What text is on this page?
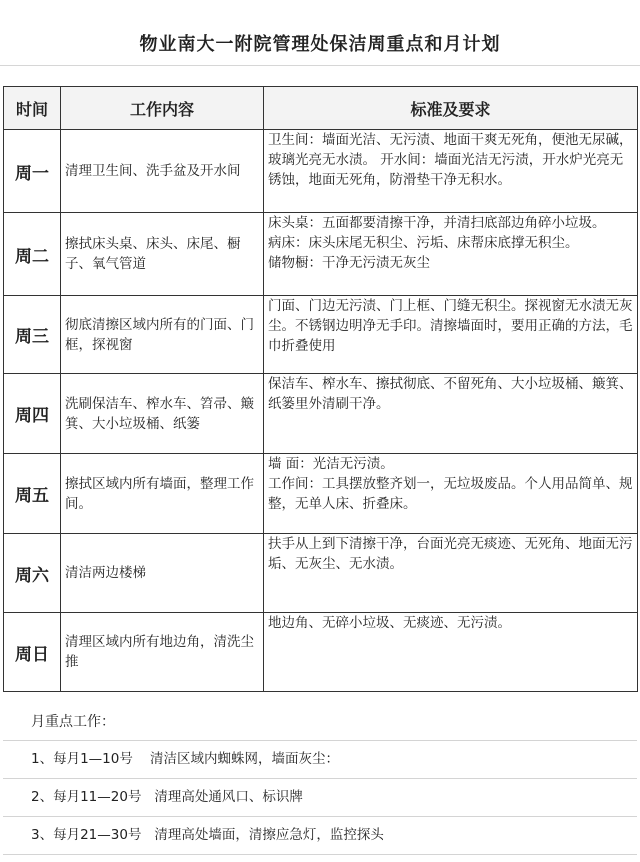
物业南大一附院管理处保洁周重点和月计划
时间	工作内容	标准及要求
周一	清理卫生间、洗手盆及开水间	卫生间：墙面光洁、无污渍、地面干爽无死角，便池无尿碱，玻璃光亮无水渍。 开水间：墙面光洁无污渍，开水炉光亮无锈蚀，地面无死角，防滑垫干净无积水。

周二	擦拭床头桌、床头、床尾、橱子、氧气管道	床头桌：五面都要清擦干净，并清扫底部边角碎小垃圾。
病床：床头床尾无积尘、污垢、床帮床底撑无积尘。
储物橱：干净无污渍无灰尘

周三	彻底清擦区域内所有的门面、门框，探视窗	门面、门边无污渍、门上框、门缝无积尘。探视窗无水渍无灰尘。不锈钢边明净无手印。清擦墙面时，要用正确的方法，毛巾折叠使用

周四	洗刷保洁车、榨水车、笤帚、簸箕、大小垃圾桶、纸篓	保洁车、榨水车、擦拭彻底、不留死角、大小垃圾桶、簸箕、纸篓里外清刷干净。

周五	擦拭区域内所有墙面，整理工作间。	墙 面：光洁无污渍。
工作间：工具摆放整齐划一，无垃圾废品。个人用品简单、规整，无单人床、折叠床。

周六	清洁两边楼梯	扶手从上到下清擦干净，台面光亮无痰迹、无死角、地面无污垢、无灰尘、无水渍。

周日	清理区域内所有地边角，清洗尘推	地边角、无碎小垃圾、无痰迹、无污渍。
月重点工作：
1、每月1—10号    清洁区域内蜘蛛网，墙面灰尘：
2、每月11—20号   清理高处通风口、标识牌
3、每月21—30号   清理高处墙面，清擦应急灯，监控探头
